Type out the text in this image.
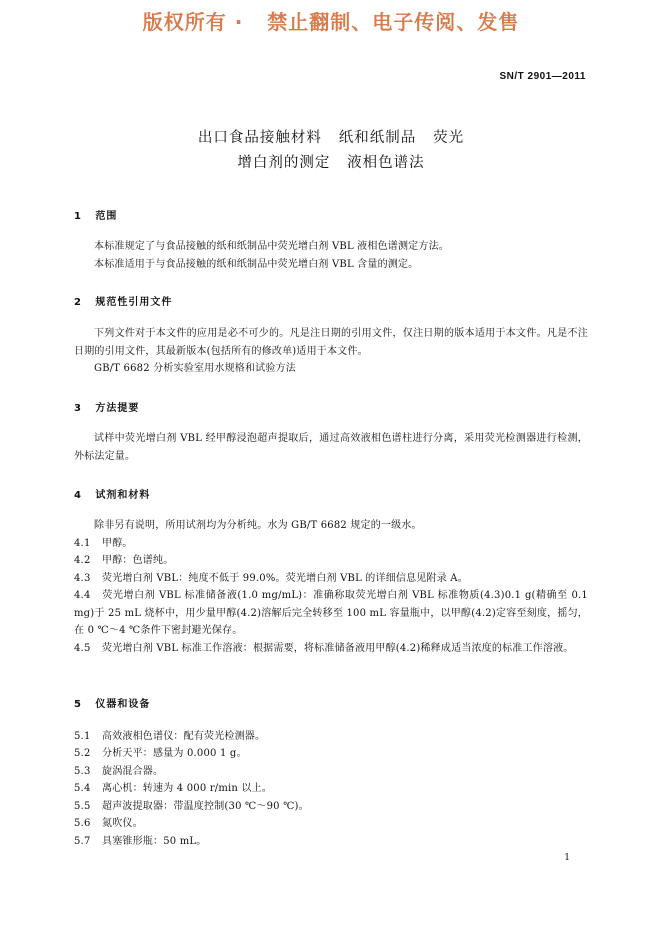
版权所有 ·   禁止翻制、电子传阅、发售
SN/T 2901—2011
出口食品接触材料   纸和纸制品   荧光
增白剂的测定   液相色谱法
1   范围
本标准规定了与食品接触的纸和纸制品中荧光增白剂 VBL 液相色谱测定方法。
本标准适用于与食品接触的纸和纸制品中荧光增白剂 VBL 含量的测定。
2   规范性引用文件
下列文件对于本文件的应用是必不可少的。凡是注日期的引用文件，仅注日期的版本适用于本文件。凡是不注日期的引用文件，其最新版本(包括所有的修改单)适用于本文件。
GB/T 6682 分析实验室用水规格和试验方法
3   方法提要
试样中荧光增白剂 VBL 经甲醇浸泡超声提取后，通过高效液相色谱柱进行分离，采用荧光检测器进行检测，外标法定量。
4   试剂和材料
除非另有说明，所用试剂均为分析纯。水为 GB/T 6682 规定的一级水。
4.1 甲醇。
4.2 甲醇：色谱纯。
4.3 荧光增白剂 VBL：纯度不低于 99.0%。荧光增白剂 VBL 的详细信息见附录 A。
4.4 荧光增白剂 VBL 标准储备液(1.0 mg/mL)：准确称取荧光增白剂 VBL 标准物质(4.3)0.1 g(精确至 0.1 mg)于 25 mL 烧杯中，用少量甲醇(4.2)溶解后完全转移至 100 mL 容量瓶中，以甲醇(4.2)定容至刻度，摇匀，在 0 ℃～4 ℃条件下密封避光保存。
4.5 荧光增白剂 VBL 标准工作溶液：根据需要，将标准储备液用甲醇(4.2)稀释成适当浓度的标准工作溶液。
5   仪器和设备
5.1 高效液相色谱仪：配有荧光检测器。
5.2 分析天平：感量为 0.000 1 g。
5.3 旋涡混合器。
5.4 离心机：转速为 4 000 r/min 以上。
5.5 超声波提取器：带温度控制(30 ℃～90 ℃)。
5.6 氮吹仪。
5.7 具塞锥形瓶：50 mL。
1
